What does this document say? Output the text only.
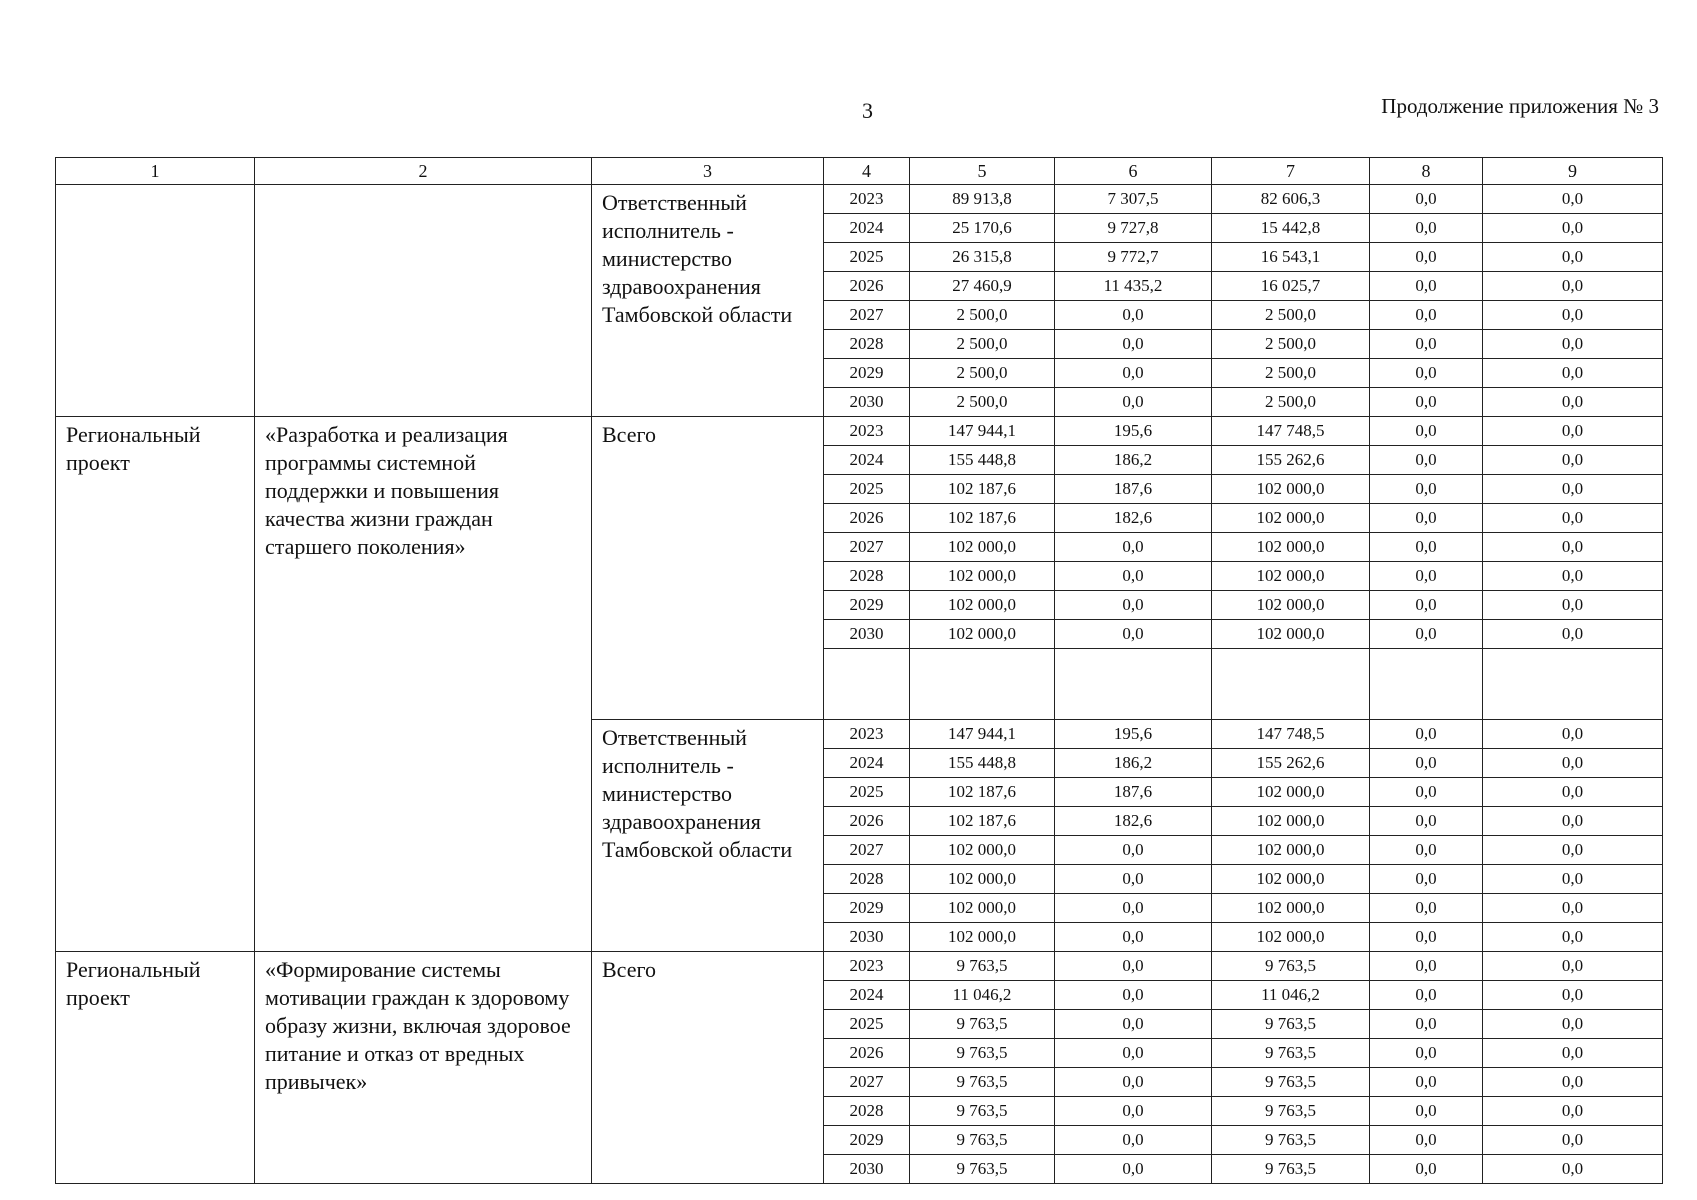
3	Продолжение приложения № 3
1	2	3	4	5	6	7	8	9
		Ответственный исполнитель - министерство здравоохранения Тамбовской области	2023	89 913,8	7 307,5	82 606,3	0,0	0,0
			2024	25 170,6	9 727,8	15 442,8	0,0	0,0
			2025	26 315,8	9 772,7	16 543,1	0,0	0,0
			2026	27 460,9	11 435,2	16 025,7	0,0	0,0
			2027	2 500,0	0,0	2 500,0	0,0	0,0
			2028	2 500,0	0,0	2 500,0	0,0	0,0
			2029	2 500,0	0,0	2 500,0	0,0	0,0
			2030	2 500,0	0,0	2 500,0	0,0	0,0
Региональный проект	«Разработка и реализация программы системной поддержки и повышения качества жизни граждан старшего поколения»	Всего	2023	147 944,1	195,6	147 748,5	0,0	0,0
			2024	155 448,8	186,2	155 262,6	0,0	0,0
			2025	102 187,6	187,6	102 000,0	0,0	0,0
			2026	102 187,6	182,6	102 000,0	0,0	0,0
			2027	102 000,0	0,0	102 000,0	0,0	0,0
			2028	102 000,0	0,0	102 000,0	0,0	0,0
			2029	102 000,0	0,0	102 000,0	0,0	0,0
			2030	102 000,0	0,0	102 000,0	0,0	0,0

		Ответственный исполнитель - министерство здравоохранения Тамбовской области	2023	147 944,1	195,6	147 748,5	0,0	0,0
			2024	155 448,8	186,2	155 262,6	0,0	0,0
			2025	102 187,6	187,6	102 000,0	0,0	0,0
			2026	102 187,6	182,6	102 000,0	0,0	0,0
			2027	102 000,0	0,0	102 000,0	0,0	0,0
			2028	102 000,0	0,0	102 000,0	0,0	0,0
			2029	102 000,0	0,0	102 000,0	0,0	0,0
			2030	102 000,0	0,0	102 000,0	0,0	0,0
Региональный проект	«Формирование системы мотивации граждан к здоровому образу жизни, включая здоровое питание и отказ от вредных привычек»	Всего	2023	9 763,5	0,0	9 763,5	0,0	0,0
			2024	11 046,2	0,0	11 046,2	0,0	0,0
			2025	9 763,5	0,0	9 763,5	0,0	0,0
			2026	9 763,5	0,0	9 763,5	0,0	0,0
			2027	9 763,5	0,0	9 763,5	0,0	0,0
			2028	9 763,5	0,0	9 763,5	0,0	0,0
			2029	9 763,5	0,0	9 763,5	0,0	0,0
			2030	9 763,5	0,0	9 763,5	0,0	0,0
